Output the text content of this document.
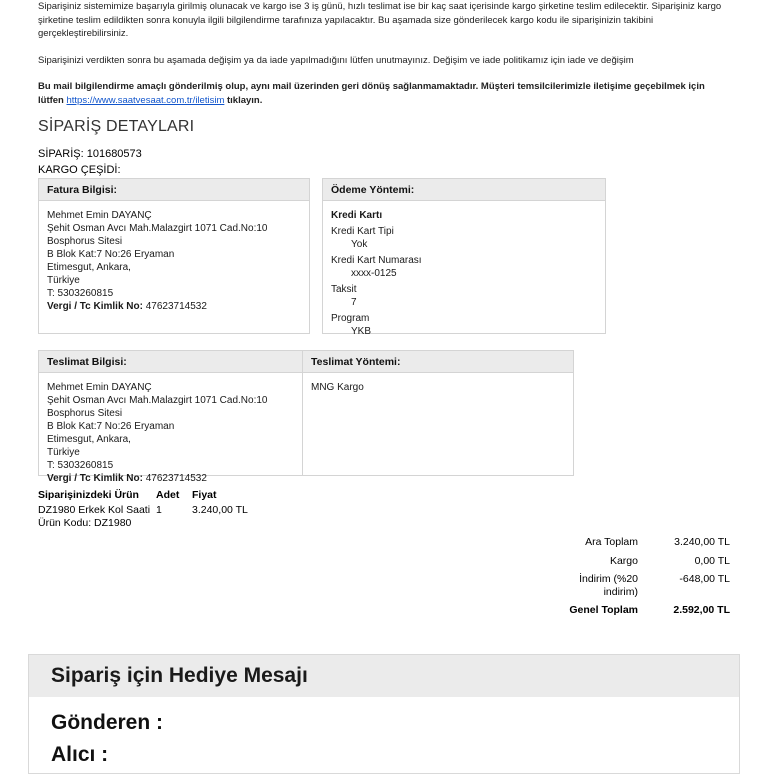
Siparişiniz sistemimize başarıyla girilmiş olunacak ve kargo ise 3 iş günü, hızlı teslimat ise bir kaç saat içerisinde kargo şirketine teslim edilecektir. Siparişiniz kargo şirketine teslim edildikten sonra konuyla ilgili bilgilendirme tarafınıza yapılacaktır. Bu aşamada size gönderilecek kargo kodu ile siparişinizin takibini gerçekleştirebilirsiniz.

Siparişinizi verdikten sonra bu aşamada değişim ya da iade yapılmadığını lütfen unutmayınız. Değişim ve iade politikamız için iade ve değişim

Bu mail bilgilendirme amaçlı gönderilmiş olup, aynı mail üzerinden geri dönüş sağlanmamaktadır. Müşteri temsilcilerimizle iletişime geçebilmek için lütfen https://www.saatvesaat.com.tr/iletisim tıklayın.

SİPARİŞ DETAYLARI
SİPARİŞ: 101680573
KARGO ÇEŞİDİ:
Fatura Bilgisi:
Mehmet Emin DAYANÇ
Şehit Osman Avcı Mah.Malazgirt 1071 Cad.No:10 Bosphorus Sitesi
B Blok Kat:7 No:26 Eryaman
Etimesgut, Ankara,
Türkiye
T: 5303260815
Vergi / Tc Kimlik No: 47623714532
Ödeme Yöntemi:
Kredi Kartı
Kredi Kart Tipi
Yok
Kredi Kart Numarası
xxxx-0125
Taksit
7
Program
YKB
Teslimat Bilgisi:
Mehmet Emin DAYANÇ
Şehit Osman Avcı Mah.Malazgirt 1071 Cad.No:10
Bosphorus Sitesi
B Blok Kat:7 No:26 Eryaman
Etimesgut, Ankara,
Türkiye
T: 5303260815
Vergi / Tc Kimlik No: 47623714532
Teslimat Yöntemi:
MNG Kargo
Siparişinizdeki Ürün Adet Fiyat
DZ1980 Erkek Kol Saati 1	3.240,00 TL
Ürün Kodu: DZ1980
Ara Toplam	3.240,00 TL
Kargo	0,00 TL
İndirim (%20 indirim)
-648,00 TL
Genel Toplam	2.592,00 TL
Sipariş için Hediye Mesajı
Gönderen :
Alıcı :
